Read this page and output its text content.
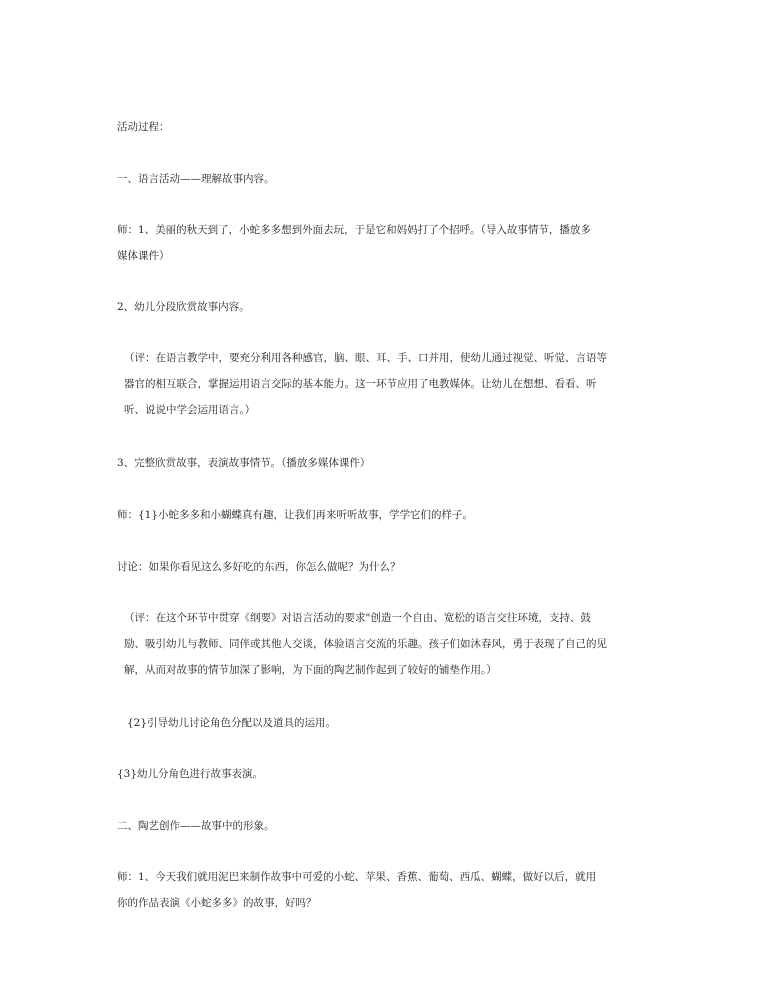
活动过程：

一、语言活动——理解故事内容。

师：1、美丽的秋天到了，小蛇多多想到外面去玩，于是它和妈妈打了个招呼。（导入故事情节，播放多
媒体课件）

2、幼儿分段欣赏故事内容。

（评：在语言教学中，要充分利用各种感官，脑、眼、耳、手、口并用，使幼儿通过视觉、听觉、言语等
器官的相互联合，掌握运用语言交际的基本能力。这一环节应用了电教媒体。让幼儿在想想、看看、听
听、说说中学会运用语言。）

3、完整欣赏故事，表演故事情节。（播放多媒体课件）

师：{1}小蛇多多和小蝴蝶真有趣，让我们再来听听故事，学学它们的样子。

讨论：如果你看见这么多好吃的东西，你怎么做呢？为什么？

（评：在这个环节中贯穿《纲要》对语言活动的要求"创造一个自由、宽松的语言交往环境，支持、鼓
励、吸引幼儿与教师、同伴或其他人交谈，体验语言交流的乐趣。孩子们如沐春风，勇于表现了自己的见
解，从而对故事的情节加深了影响，为下面的陶艺制作起到了较好的铺垫作用。）

{2}引导幼儿讨论角色分配以及道具的运用。

{3}幼儿分角色进行故事表演。

二、陶艺创作——故事中的形象。

师：1、今天我们就用泥巴来制作故事中可爱的小蛇、苹果、香蕉、葡萄、西瓜、蝴蝶，做好以后，就用
你的作品表演《小蛇多多》的故事，好吗？
